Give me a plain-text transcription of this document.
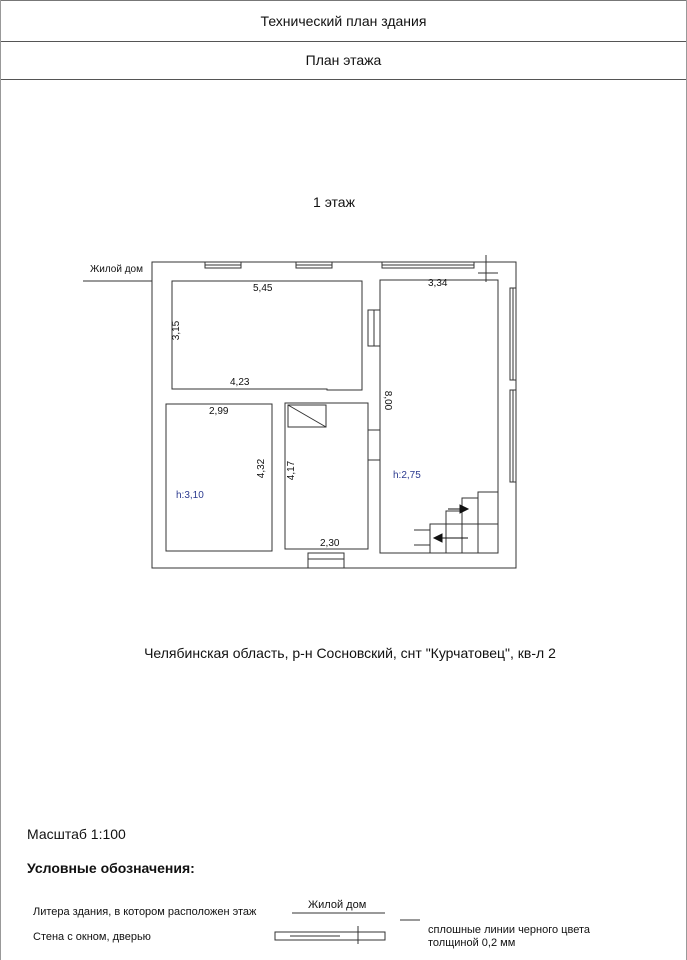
Технический план здания
План этажа
1 этаж
Жилой дом
5,45
3,15
4,23
2,99
4,32 4,17
2,30
3,34
8,00
h:3,10
h:2,75
Челябинская область, р-н Сосновский, снт "Курчатовец", кв-л 2
Масштаб 1:100
Условные обозначения:
Литера здания, в котором расположен этаж
Жилой дом
Стена с окном, дверью
сплошные линии черного цвета
толщиной 0,2 мм
